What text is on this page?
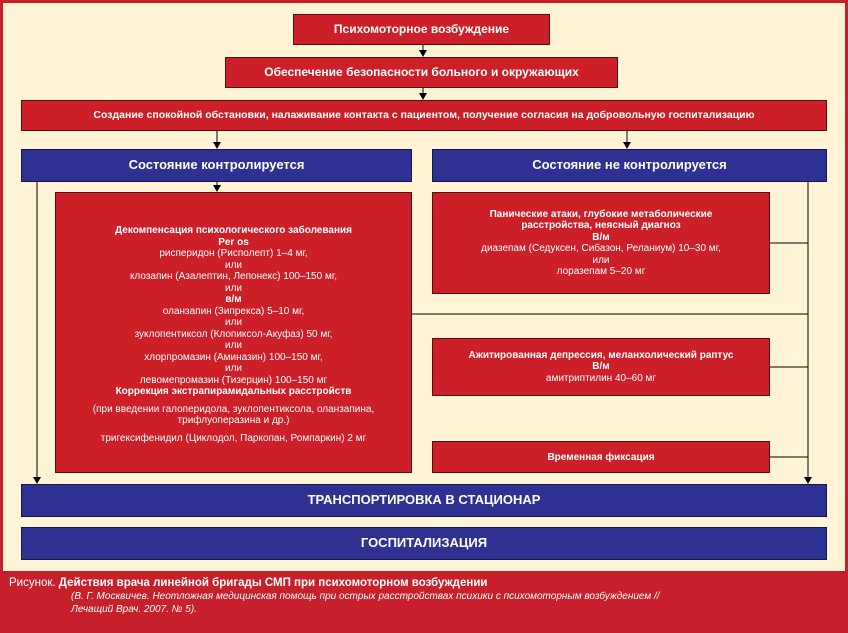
Психомоторное возбуждение
Обеспечение безопасности больного и окружающих
Создание спокойной обстановки, налаживание контакта с пациентом, получение согласия на добровольную госпитализацию
Состояние контролируется	Состояние не контролируется
Декомпенсация психологического заболевания
Per os
рисперидон (Рисполепт) 1–4 мг,
или
клозапин (Азалептин, Лепонекс) 100–150 мг,
или
в/м
оланзапин (Зипрекса) 5–10 мг,
или
зуклопентиксол (Клопиксол-Акуфаз) 50 мг,
или
хлорпромазин (Аминазин) 100–150 мг,
или
левомепромазин (Тизерцин) 100–150 мг
Коррекция экстрапирамидальных расстройств
(при введении галоперидола, зуклопентиксола, оланзапина,
трифлуоперазина и др.)
тригексифенидил (Циклодол, Паркопан, Ромпаркин) 2 мг
Панические атаки, глубокие метаболические
расстройства, неясный диагноз
В/м
диазепам (Седуксен, Сибазон, Реланиум) 10–30 мг,
или
лоразепам 5–20 мг
Ажитированная депрессия, меланхолический раптус
В/м
амитриптилин 40–60 мг
Временная фиксация
ТРАНСПОРТИРОВКА В СТАЦИОНАР
ГОСПИТАЛИЗАЦИЯ
Рисунок. Действия врача линейной бригады СМП при психомоторном возбуждении
(В. Г. Москвичев. Неотложная медицинская помощь при острых расстройствах психики с психомоторным возбуждением //
Лечащий Врач. 2007. № 5).
